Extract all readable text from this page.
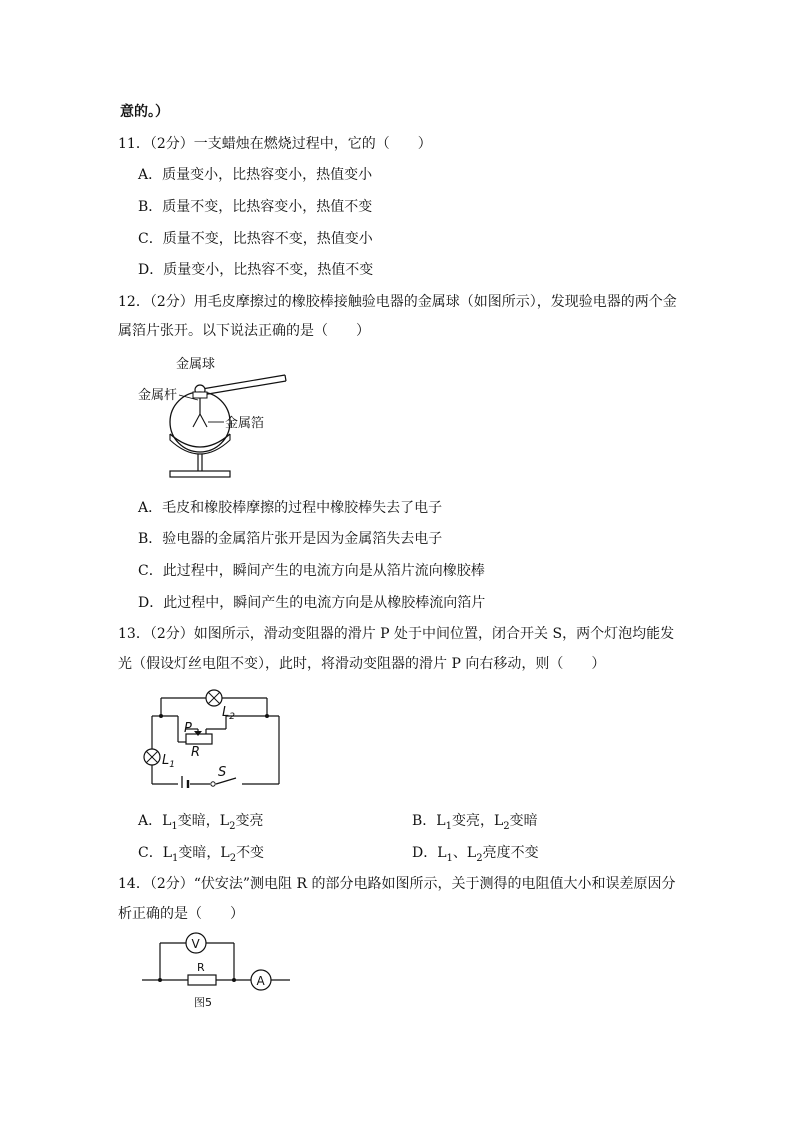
意的。）
11．（2分）一支蜡烛在燃烧过程中，它的（　　）
A．质量变小，比热容变小，热值变小
B．质量不变，比热容变小，热值不变
C．质量不变，比热容不变，热值变小
D．质量变小，比热容不变，热值不变
12．（2分）用毛皮摩擦过的橡胶棒接触验电器的金属球（如图所示），发现验电器的两个金
属箔片张开。以下说法正确的是（　　）
金属球
金属杆
金属箔
A．毛皮和橡胶棒摩擦的过程中橡胶棒失去了电子
B．验电器的金属箔片张开是因为金属箔失去电子
C．此过程中，瞬间产生的电流方向是从箔片流向橡胶棒
D．此过程中，瞬间产生的电流方向是从橡胶棒流向箔片
13．（2分）如图所示，滑动变阻器的滑片 P 处于中间位置，闭合开关 S，两个灯泡均能发
光（假设灯丝电阻不变），此时，将滑动变阻器的滑片 P 向右移动，则（　　）
$L_2$
P
R
$L_1$	S
A．$L_1$变暗，$L_2$变亮	B．$L_1$变亮，$L_2$变暗
C．$L_1$变暗，$L_2$不变	D．$L_1$、$L_2$亮度不变
14．（2分）“伏安法”测电阻 R 的部分电路如图所示，关于测得的电阻值大小和误差原因分
析正确的是（　　）
V
R
A
图5
